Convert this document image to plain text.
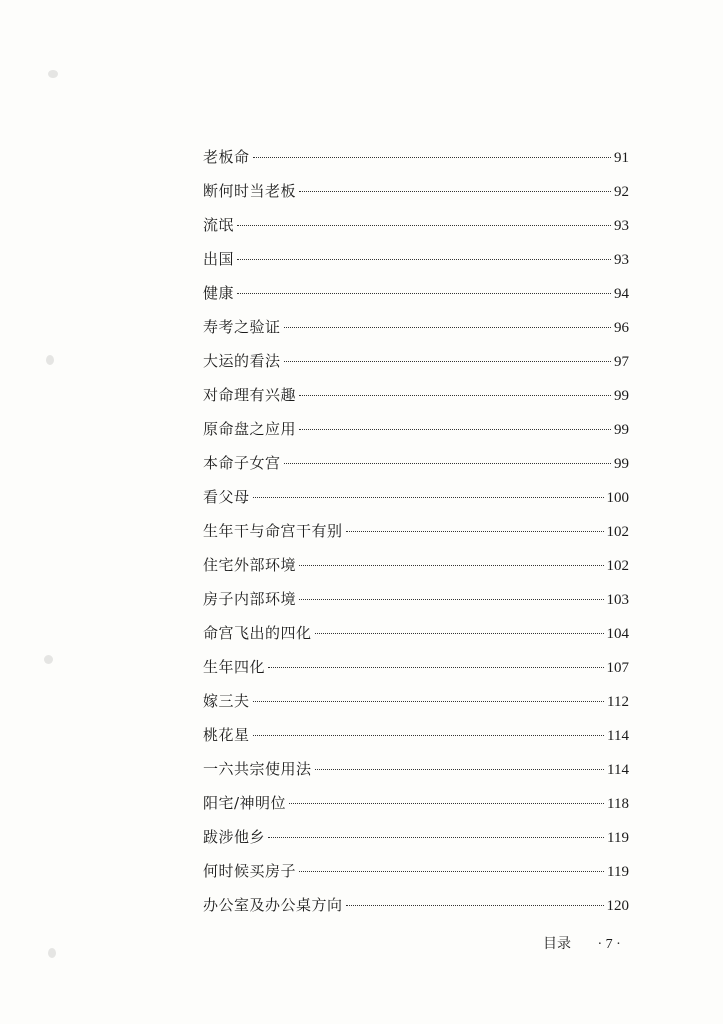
老板命	91
断何时当老板	92
流氓	93
出国	93
健康	94
寿考之验证	96
大运的看法	97
对命理有兴趣	99
原命盘之应用	99
本命子女宫	99
看父母	100
生年干与命宫干有别	102
住宅外部环境	102
房子内部环境	103
命宫飞出的四化	104
生年四化	107
嫁三夫	112
桃花星	114
一六共宗使用法	114
阳宅/神明位	118
跋涉他乡	119
何时候买房子	119
办公室及办公桌方向	120
目录 · 7 ·
